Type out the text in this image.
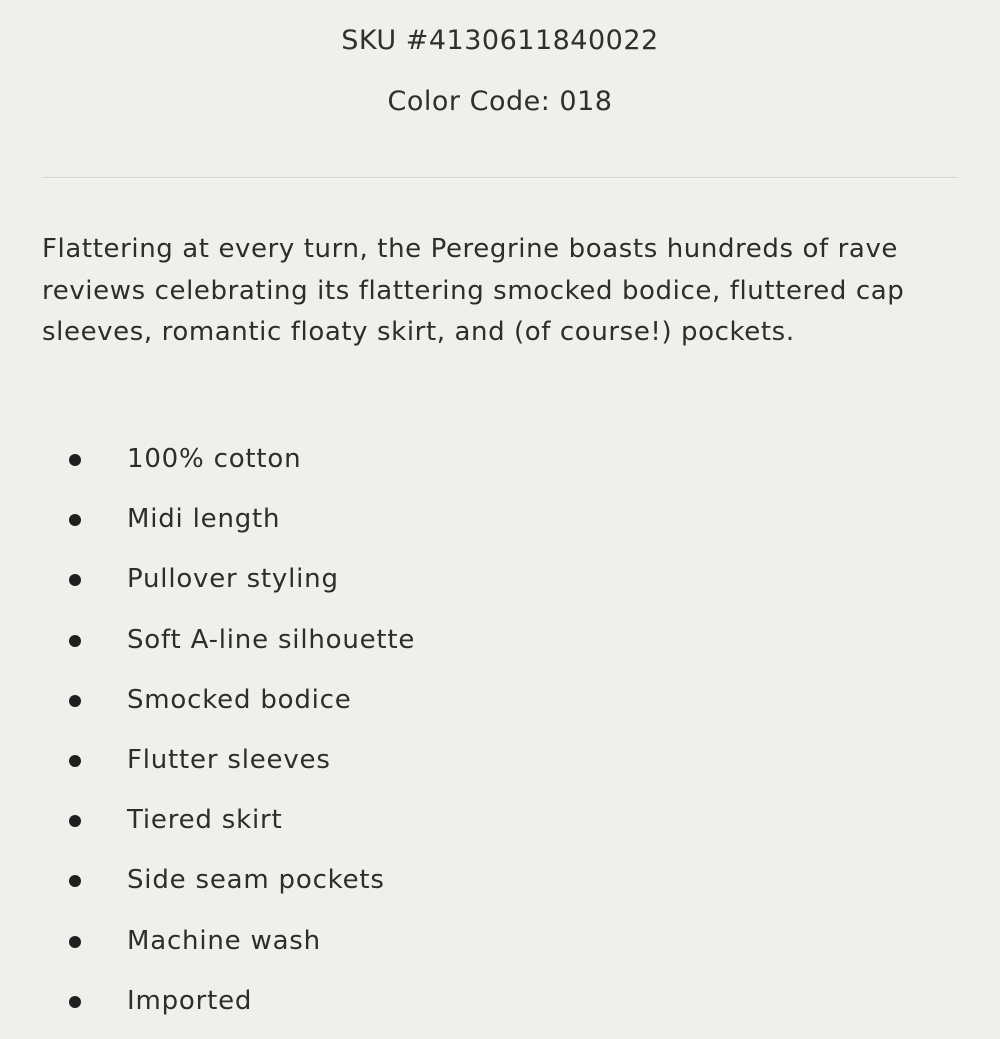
SKU #4130611840022
Color Code: 018

Flattering at every turn, the Peregrine boasts hundreds of rave reviews celebrating its flattering smocked bodice, fluttered cap sleeves, romantic floaty skirt, and (of course!) pockets.

100% cotton
Midi length
Pullover styling
Soft A-line silhouette
Smocked bodice
Flutter sleeves
Tiered skirt
Side seam pockets
Machine wash
Imported
